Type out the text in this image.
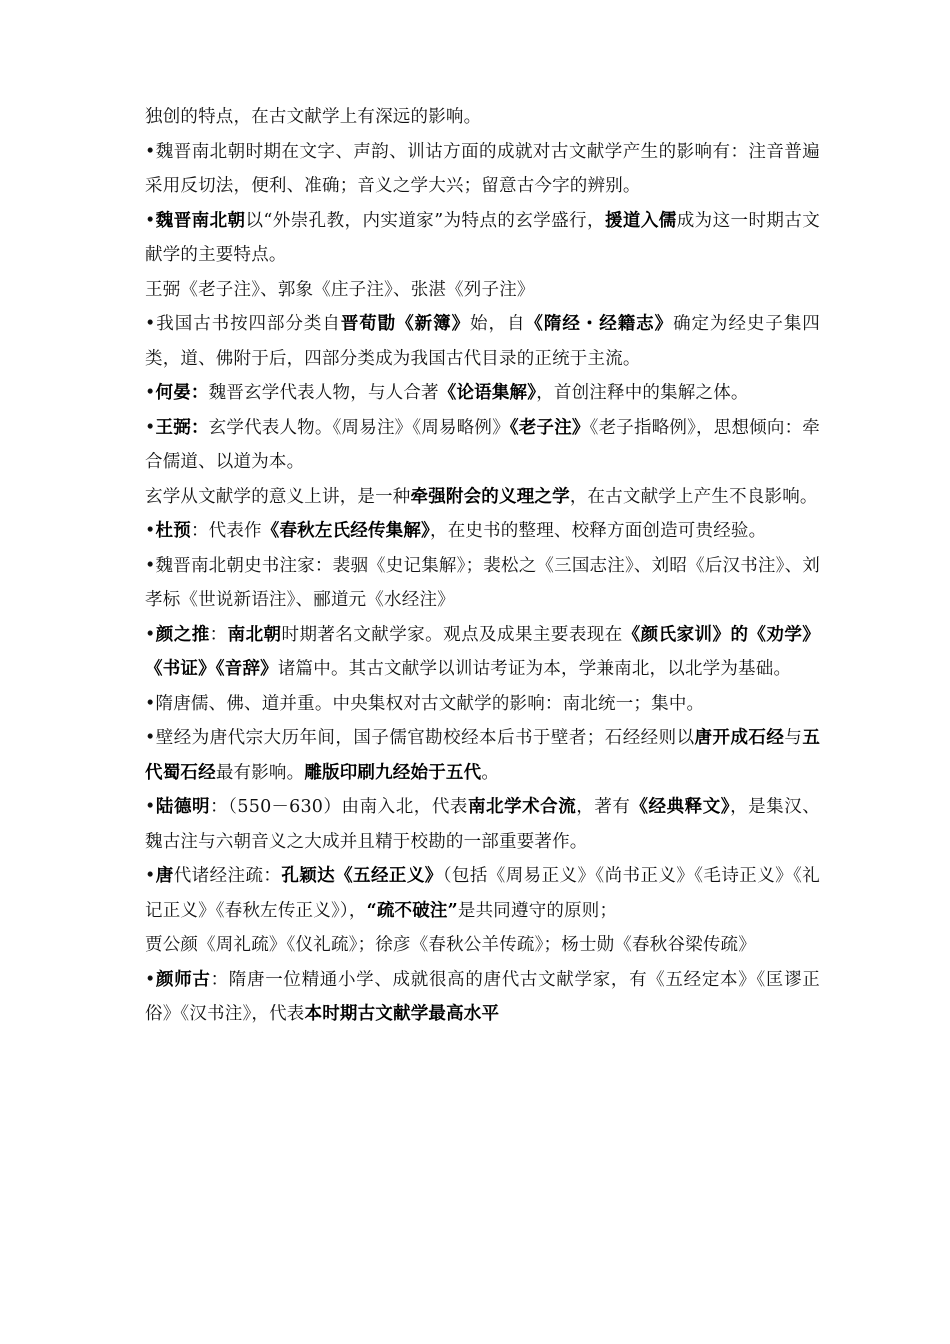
独创的特点，在古文献学上有深远的影响。

•魏晋南北朝时期在文字、声韵、训诂方面的成就对古文献学产生的影响有：注音普遍采用反切法，便利、准确；音义之学大兴；留意古今字的辨别。

•魏晋南北朝以“外崇孔教，内实道家”为特点的玄学盛行，援道入儒成为这一时期古文献学的主要特点。

王弼《老子注》、郭象《庄子注》、张湛《列子注》

•我国古书按四部分类自晋荀勖《新簿》始，自《隋经・经籍志》确定为经史子集四类，道、佛附于后，四部分类成为我国古代目录的正统于主流。

•何晏：魏晋玄学代表人物，与人合著《论语集解》，首创注释中的集解之体。

•王弼：玄学代表人物。《周易注》《周易略例》《老子注》《老子指略例》，思想倾向：牵合儒道、以道为本。

玄学从文献学的意义上讲，是一种牵强附会的义理之学，在古文献学上产生不良影响。

•杜预：代表作《春秋左氏经传集解》，在史书的整理、校释方面创造可贵经验。

•魏晋南北朝史书注家：裴骃《史记集解》；裴松之《三国志注》、刘昭《后汉书注》、刘孝标《世说新语注》、郦道元《水经注》

•颜之推：南北朝时期著名文献学家。观点及成果主要表现在《颜氏家训》的《劝学》《书证》《音辞》诸篇中。其古文献学以训诂考证为本，学兼南北，以北学为基础。

•隋唐儒、佛、道并重。中央集权对古文献学的影响：南北统一；集中。

•壁经为唐代宗大历年间，国子儒官勘校经本后书于壁者；石经经则以唐开成石经与五代蜀石经最有影响。雕版印刷九经始于五代。

•陆德明：（550－630）由南入北，代表南北学术合流，著有《经典释文》，是集汉、魏古注与六朝音义之大成并且精于校勘的一部重要著作。

•唐代诸经注疏：孔颖达《五经正义》（包括《周易正义》《尚书正义》《毛诗正义》《礼记正义》《春秋左传正义》），“疏不破注”是共同遵守的原则；

贾公颜《周礼疏》《仪礼疏》；徐彦《春秋公羊传疏》；杨士勋《春秋谷梁传疏》

•颜师古：隋唐一位精通小学、成就很高的唐代古文献学家，有《五经定本》《匡谬正俗》《汉书注》，代表本时期古文献学最高水平
